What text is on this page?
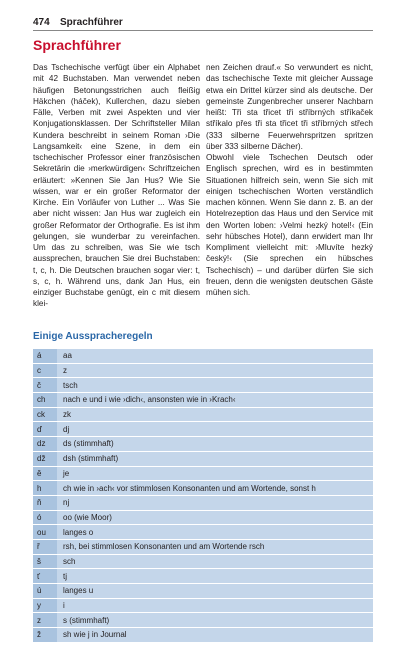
474 Sprachführer
Sprachführer

Das Tschechische verfügt über ein Alphabet mit 42 Buchstaben. Man verwendet neben häufigen Betonungsstrichen auch fleißig Häkchen (háček), Kullerchen, dazu sieben Fälle, Verben mit zwei Aspekten und vier Konjugationsklassen. Der Schriftsteller Milan Kundera beschreibt in seinem Roman ›Die Langsamkeit‹ eine Szene, in dem ein tschechischer Professor einer französischen Sekretärin die ›merkwürdigen‹ Schriftzeichen erläutert: »Kennen Sie Jan Hus? Wie Sie wissen, war er ein großer Reformator der Kirche. Ein Vorläufer von Luther ... Was Sie aber nicht wissen: Jan Hus war zugleich ein großer Reformator der Orthografie. Es ist ihm gelungen, sie wunderbar zu vereinfachen. Um das zu schreiben, was Sie wie tsch aussprechen, brauchen Sie drei Buchstaben: t, c, h. Die Deutschen brauchen sogar vier: t, s, c, h. Während uns, dank Jan Hus, ein einziger Buchstabe genügt, ein c mit diesem klei-

nen Zeichen drauf.« So verwundert es nicht, das tschechische Texte mit gleicher Aussage etwa ein Drittel kürzer sind als deutsche. Der gemeinste Zungenbrecher unserer Nachbarn heißt: Tři sta třicet tři stříbrných stříkaček stříkalo přes tři sta třicet tři stříbrných střech (333 silberne Feuerwehrspritzen spritzen über 333 silberne Dächer).

Obwohl viele Tschechen Deutsch oder Englisch sprechen, wird es in bestimmten Situationen hilfreich sein, wenn Sie sich mit einigen tschechischen Worten verständlich machen können. Wenn Sie dann z. B. an der Hotelrezeption das Haus und den Service mit den Worten loben: ›Velmi hezký hotel!‹ (Ein sehr hübsches Hotel), dann erwidert man Ihr Kompliment vielleicht mit: ›Mluvíte hezký český!‹ (Sie sprechen ein hübsches Tschechisch) – und darüber dürfen Sie sich freuen, denn die wenigsten deutschen Gäste mühen sich.

Einige Ausspracheregeln
á	aa
c	z
č	tsch
ch	nach e und i wie ›dich‹, ansonsten wie in ›Krach‹
ck	zk
ď	dj
dz	ds (stimmhaft)
dž	dsh (stimmhaft)
ě	je
h	ch wie in ›ach‹ vor stimmlosen Konsonanten und am Wortende, sonst h
ň	nj
ó	oo (wie Moor)
ou	langes o
ř	rsh, bei stimmlosen Konsonanten und am Wortende rsch
š	sch
ť	tj
ú	langes u
y	i
z	s (stimmhaft)
ž	sh wie j in Journal
